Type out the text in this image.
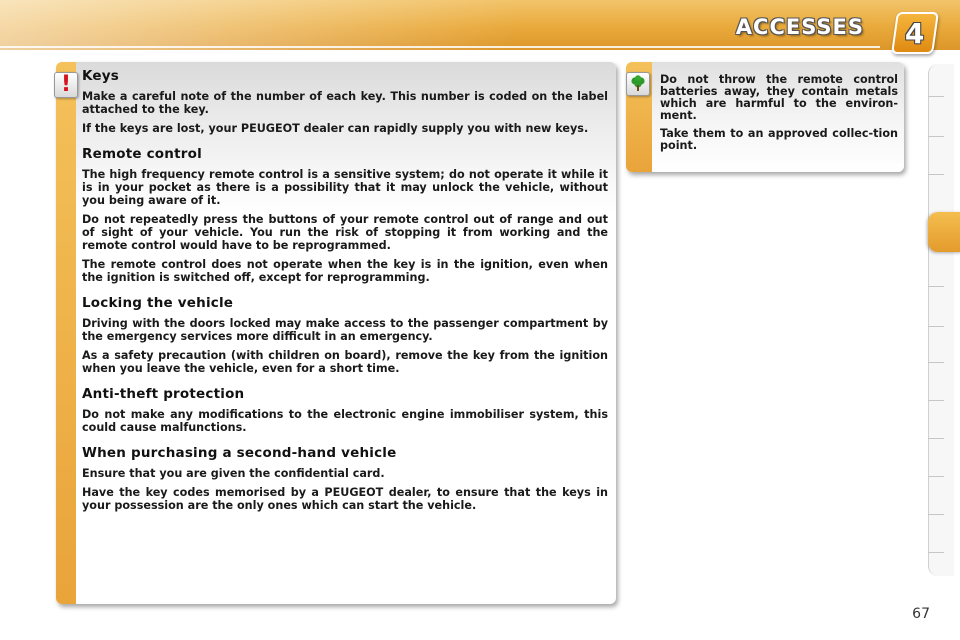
ACCESSES 4
Keys

Make a careful note of the number of each key. This number is coded on the label attached to the key.

If the keys are lost, your PEUGEOT dealer can rapidly supply you with new keys.

Remote control

The high frequency remote control is a sensitive system; do not operate it while it is in your pocket as there is a possibility that it may unlock the vehicle, without you being aware of it.

Do not repeatedly press the buttons of your remote control out of range and out of sight of your vehicle. You run the risk of stopping it from working and the remote control would have to be reprogrammed.

The remote control does not operate when the key is in the ignition, even when the ignition is switched off, except for reprogramming.

Locking the vehicle

Driving with the doors locked may make access to the passenger compartment by the emergency services more difficult in an emergency.

As a safety precaution (with children on board), remove the key from the ignition when you leave the vehicle, even for a short time.

Anti-theft protection

Do not make any modifications to the electronic engine immobiliser system, this could cause malfunctions.

When purchasing a second-hand vehicle

Ensure that you are given the confidential card.

Have the key codes memorised by a PEUGEOT dealer, to ensure that the keys in your possession are the only ones which can start the vehicle.

!	Do not throw the remote control batteries away, they contain metals which are harmful to the environ-ment.

Take them to an approved collec-tion point.

67
